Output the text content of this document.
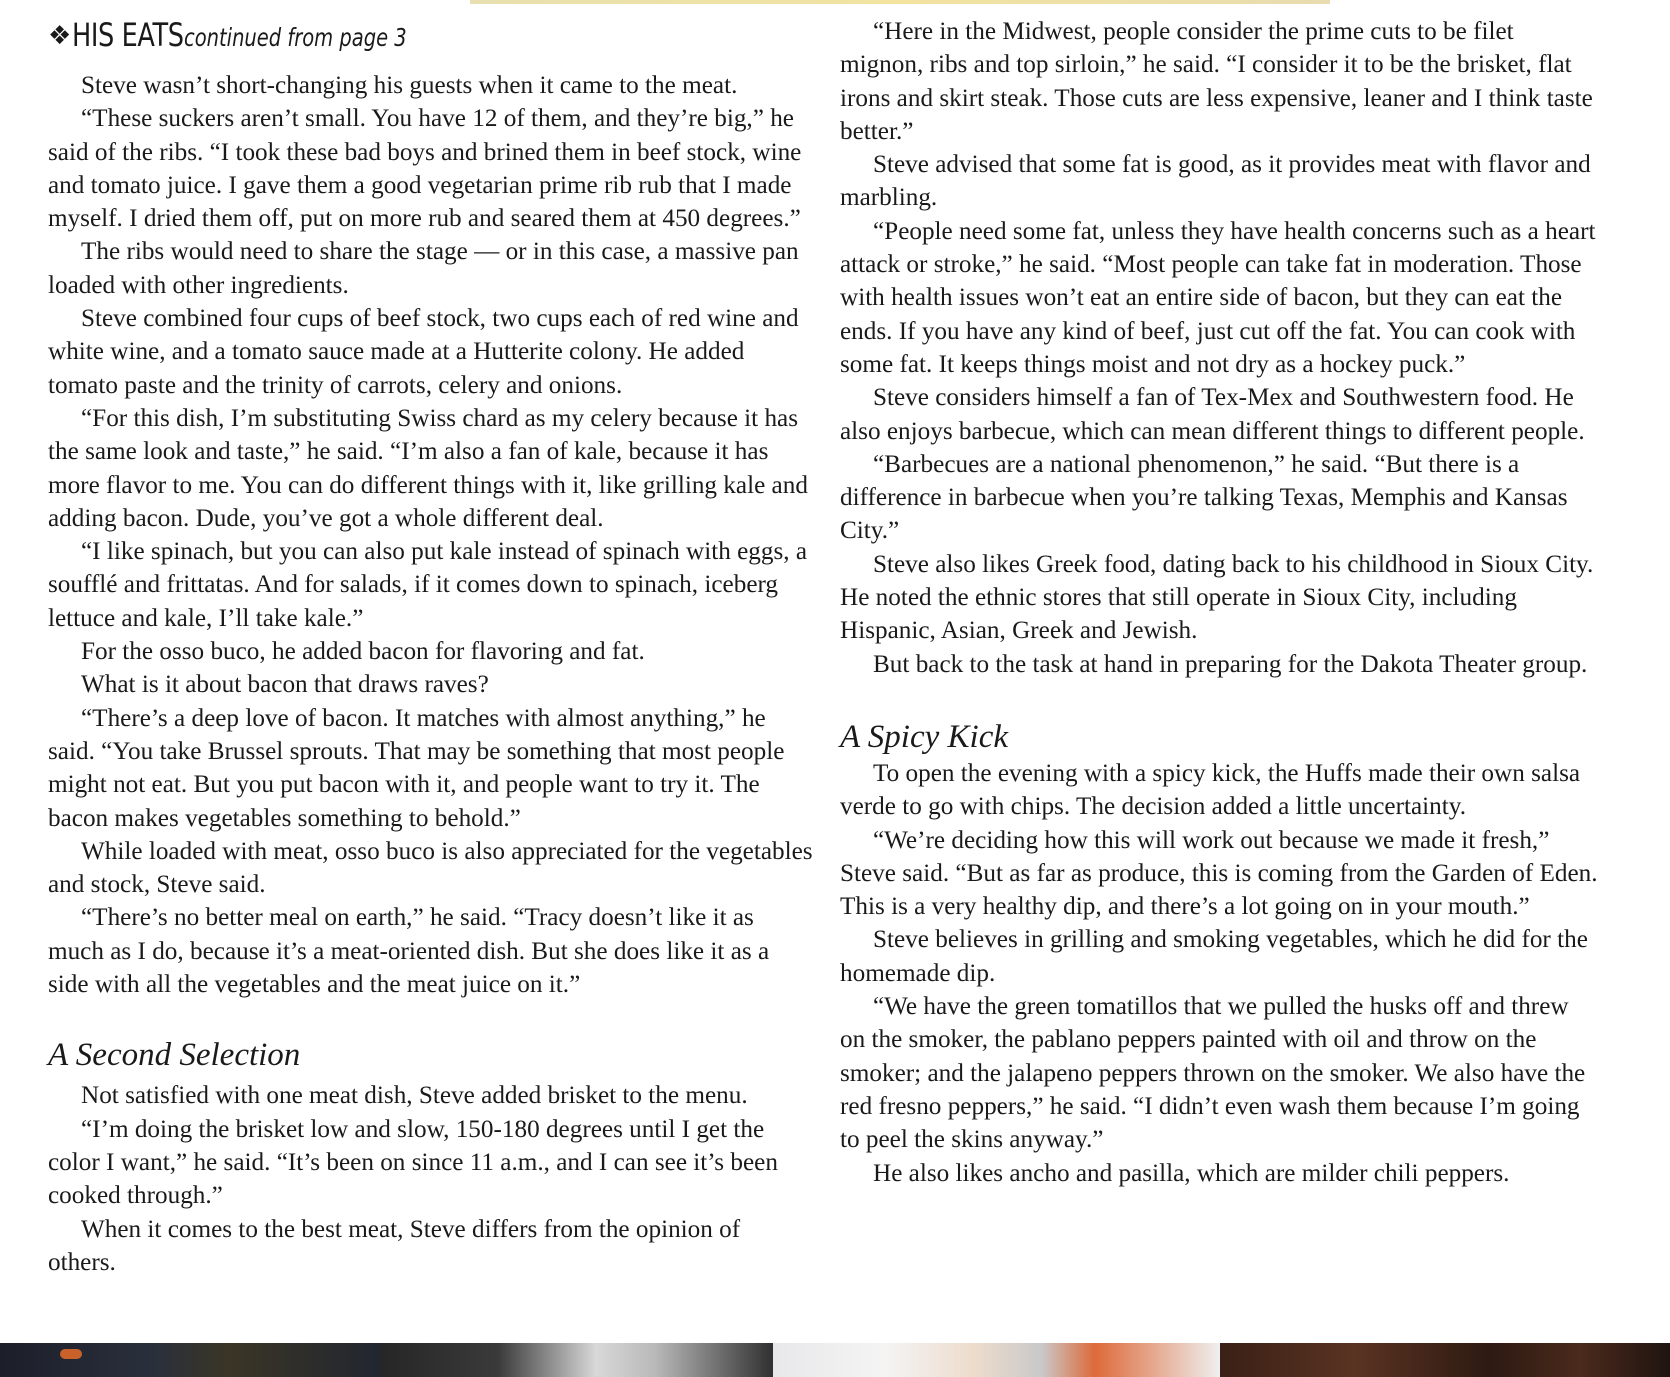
❖HIS EATScontinued from page 3

Steve wasn’t short-changing his guests when it came to the meat.

“These suckers aren’t small. You have 12 of them, and they’re big,” he said of the ribs. “I took these bad boys and brined them in beef stock, wine and tomato juice. I gave them a good vegetarian prime rib rub that I made myself. I dried them off, put on more rub and seared them at 450 degrees.”

The ribs would need to share the stage — or in this case, a massive pan loaded with other ingredients.

Steve combined four cups of beef stock, two cups each of red wine and white wine, and a tomato sauce made at a Hutterite colony. He added tomato paste and the trinity of carrots, celery and onions.

“For this dish, I’m substituting Swiss chard as my celery because it has the same look and taste,” he said. “I’m also a fan of kale, because it has more flavor to me. You can do different things with it, like grilling kale and adding bacon. Dude, you’ve got a whole different deal.

“I like spinach, but you can also put kale instead of spinach with eggs, a soufflé and frittatas. And for salads, if it comes down to spinach, iceberg lettuce and kale, I’ll take kale.”

For the osso buco, he added bacon for flavoring and fat.

What is it about bacon that draws raves?

“There’s a deep love of bacon. It matches with almost anything,” he said. “You take Brussel sprouts. That may be something that most people might not eat. But you put bacon with it, and people want to try it. The bacon makes vegetables something to behold.”

While loaded with meat, osso buco is also appreciated for the vegetables and stock, Steve said.

“There’s no better meal on earth,” he said. “Tracy doesn’t like it as much as I do, because it’s a meat-oriented dish. But she does like it as a side with all the vegetables and the meat juice on it.”

A Second Selection

Not satisfied with one meat dish, Steve added brisket to the menu.

“I’m doing the brisket low and slow, 150-180 degrees until I get the color I want,” he said. “It’s been on since 11 a.m., and I can see it’s been cooked through.”

When it comes to the best meat, Steve differs from the opinion of others.

“Here in the Midwest, people consider the prime cuts to be filet mignon, ribs and top sirloin,” he said. “I consider it to be the brisket, flat irons and skirt steak. Those cuts are less expensive, leaner and I think taste better.”

Steve advised that some fat is good, as it provides meat with flavor and marbling.

“People need some fat, unless they have health concerns such as a heart attack or stroke,” he said. “Most people can take fat in moderation. Those with health issues won’t eat an entire side of bacon, but they can eat the ends. If you have any kind of beef, just cut off the fat. You can cook with some fat. It keeps things moist and not dry as a hockey puck.”

Steve considers himself a fan of Tex-Mex and Southwestern food. He also enjoys barbecue, which can mean different things to different people.

“Barbecues are a national phenomenon,” he said. “But there is a difference in barbecue when you’re talking Texas, Memphis and Kansas City.”

Steve also likes Greek food, dating back to his childhood in Sioux City. He noted the ethnic stores that still operate in Sioux City, including Hispanic, Asian, Greek and Jewish.

But back to the task at hand in preparing for the Dakota Theater group.

A Spicy Kick

To open the evening with a spicy kick, the Huffs made their own salsa verde to go with chips. The decision added a little uncertainty.

“We’re deciding how this will work out because we made it fresh,” Steve said. “But as far as produce, this is coming from the Garden of Eden. This is a very healthy dip, and there’s a lot going on in your mouth.”

Steve believes in grilling and smoking vegetables, which he did for the homemade dip.

“We have the green tomatillos that we pulled the husks off and threw on the smoker, the pablano peppers painted with oil and throw on the smoker; and the jalapeno peppers thrown on the smoker. We also have the red fresno peppers,” he said. “I didn’t even wash them because I’m going to peel the skins anyway.”

He also likes ancho and pasilla, which are milder chili peppers.
